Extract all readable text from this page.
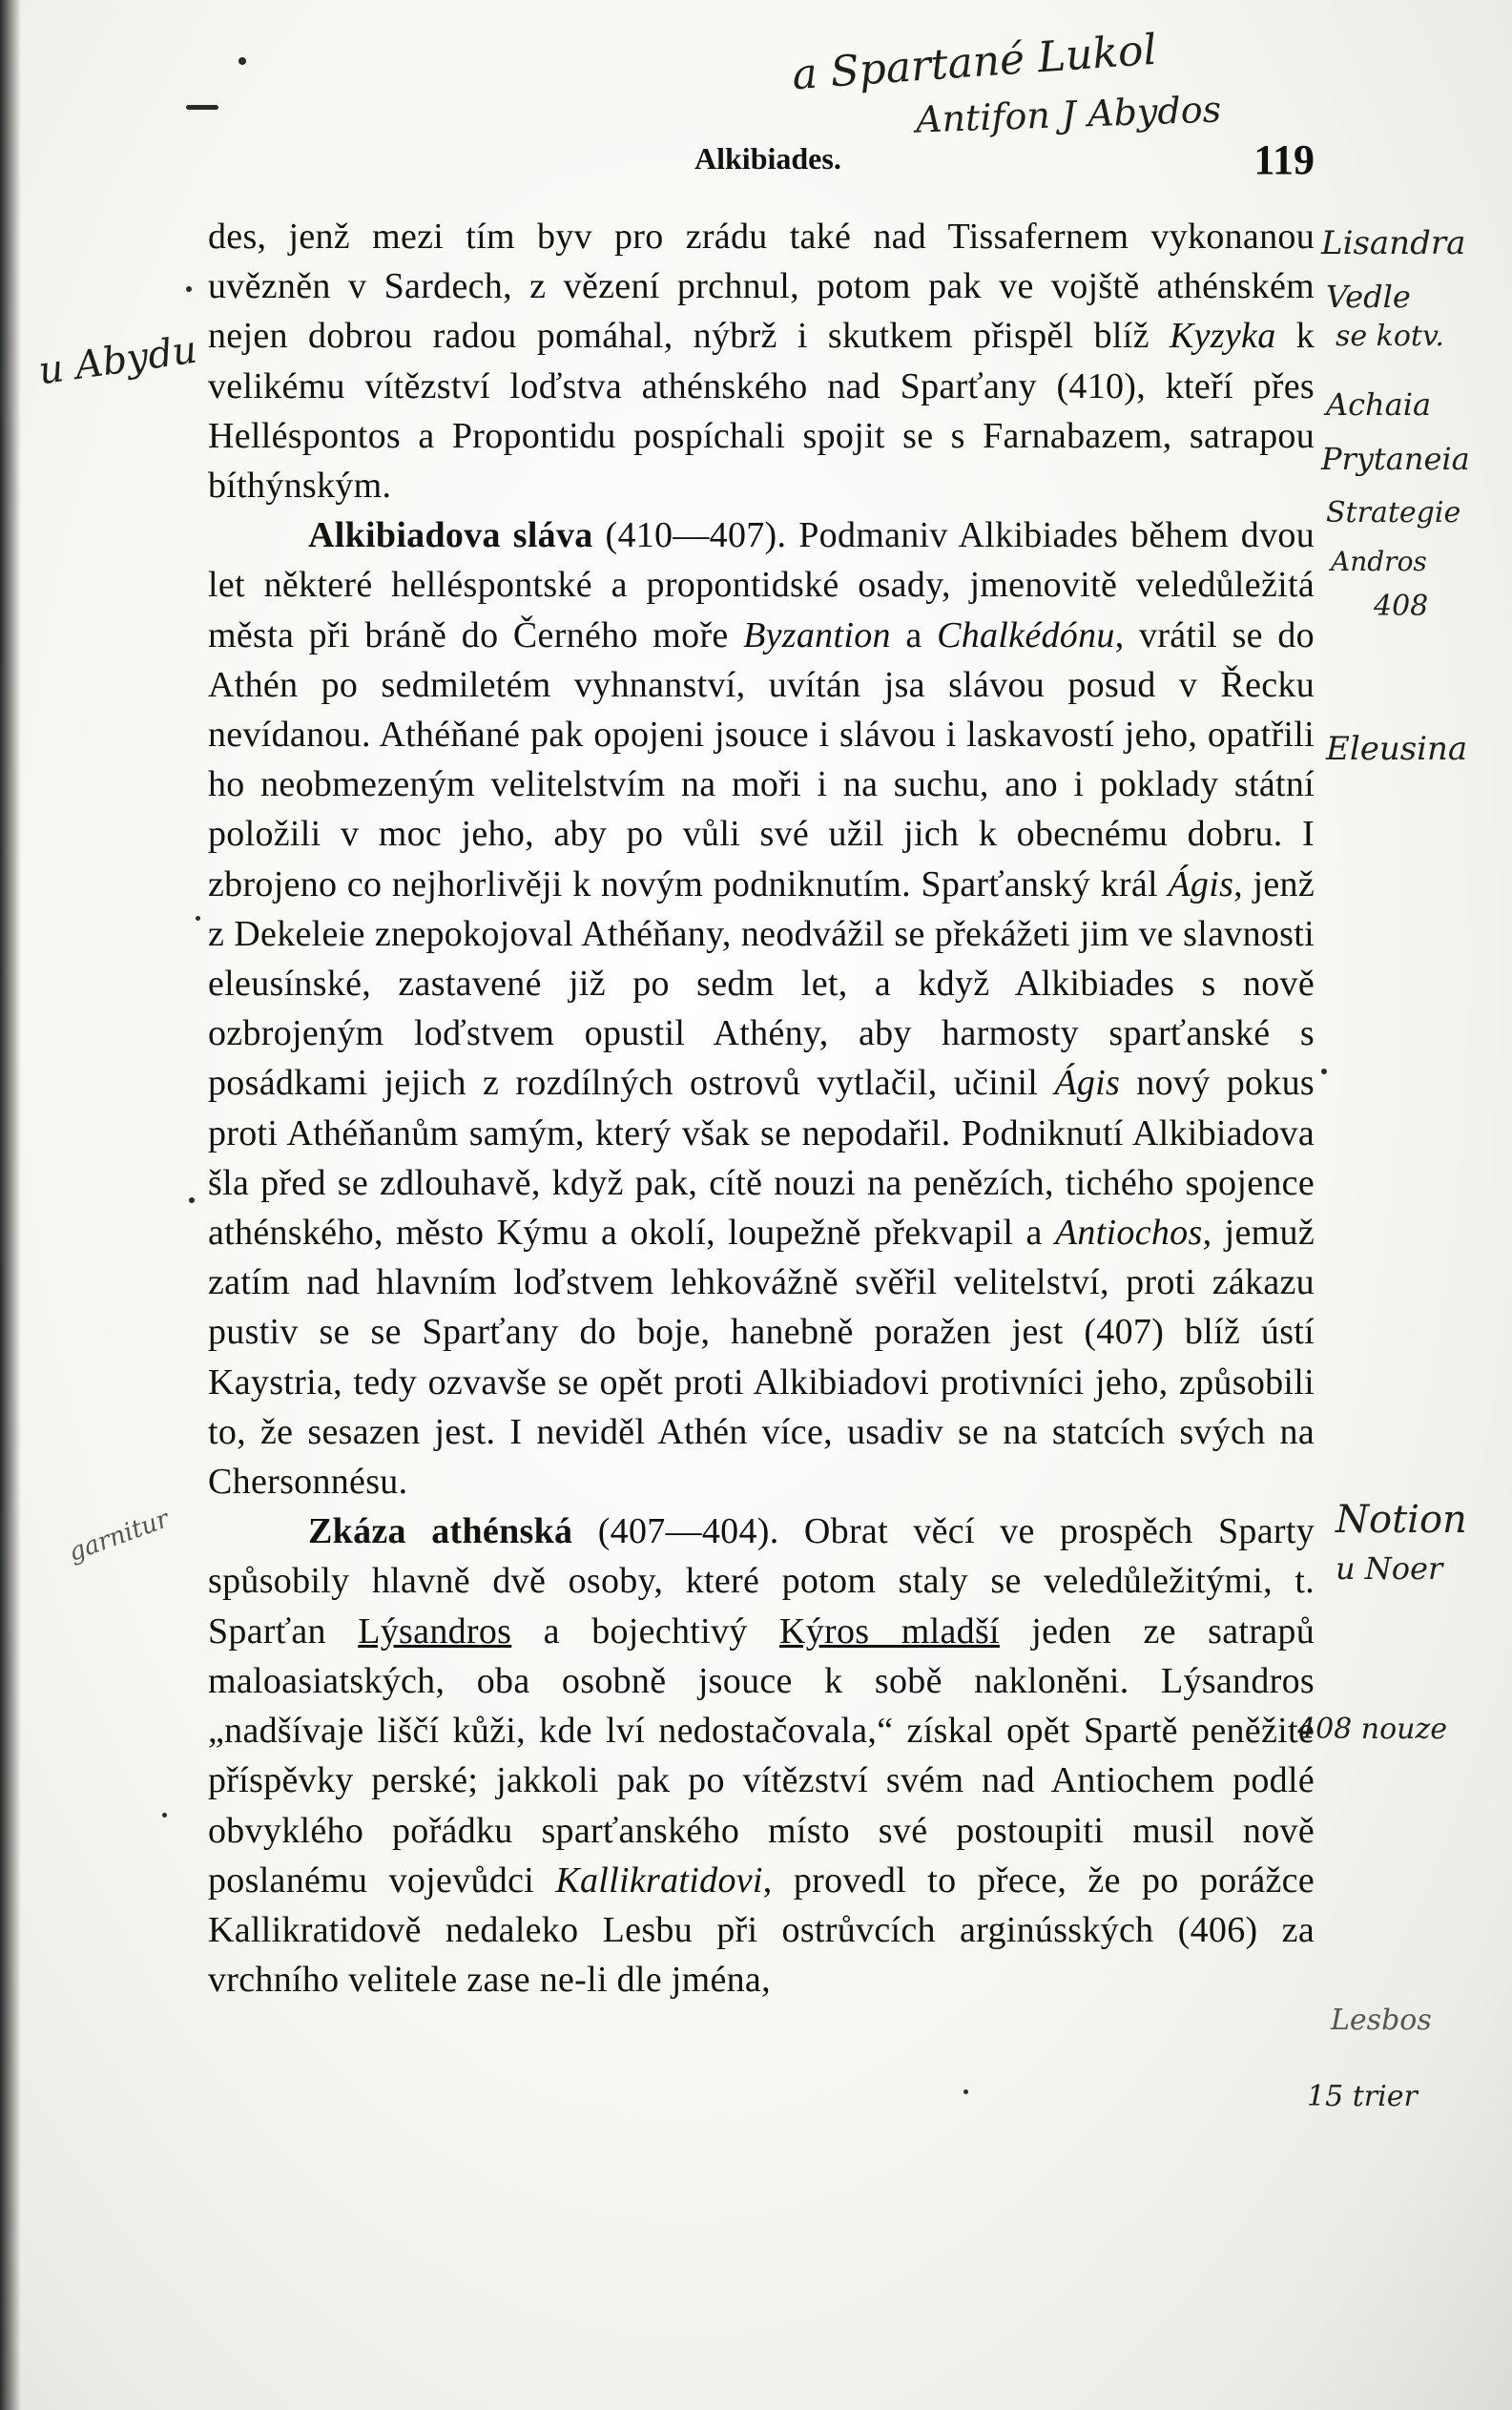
Alkibiades.	119

des, jenž mezi tím byv pro zrádu také nad Tissafernem vykonanou uvězněn v Sardech, z vězení prchnul, potom pak ve vojště athénském nejen dobrou radou pomáhal, nýbrž i skutkem přispěl blíž Kyzyka k velikému vítězství loďstva athénského nad Sparťany (410), kteří přes Helléspontos a Propontidu pospíchali spojit se s Farnabazem, satrapou bíthýnským.

Alkibiadova sláva (410—407). Podmaniv Alkibiades během dvou let některé helléspontské a propontidské osady, jmenovitě veledůležitá města při bráně do Černého moře Byzantion a Chalkédónu, vrátil se do Athén po sedmiletém vyhnanství, uvítán jsa slávou posud v Řecku nevídanou. Athéňané pak opojeni jsouce i slávou i laskavostí jeho, opatřili ho neobmezeným velitelstvím na moři i na suchu, ano i poklady státní položili v moc jeho, aby po vůli své užil jich k obecnému dobru. I zbrojeno co nejhorlivěji k novým podniknutím. Sparťanský král Ágis, jenž z Dekeleie znepokojoval Athéňany, neodvážil se překážeti jim ve slavnosti eleusínské, zastavené již po sedm let, a když Alkibiades s nově ozbrojeným loďstvem opustil Athény, aby harmosty sparťanské s posádkami jejich z rozdílných ostrovů vytlačil, učinil Ágis nový pokus proti Athéňanům samým, který však se nepodařil. Podniknutí Alkibiadova šla před se zdlouhavě, když pak, cítě nouzi na penězích, tichého spojence athénského, město Kýmu a okolí, loupežně překvapil a Antiochos, jemuž zatím nad hlavním loďstvem lehkovážně svěřil velitelství, proti zákazu pustiv se se Sparťany do boje, hanebně poražen jest (407) blíž ústí Kaystria, tedy ozvavše se opět proti Alkibiadovi protivníci jeho, způsobili to, že sesazen jest. I neviděl Athén více, usadiv se na statcích svých na Chersonnésu.

Zkáza athénská (407—404). Obrat věcí ve prospěch Sparty spůsobily hlavně dvě osoby, které potom staly se veledůležitými, t. Sparťan Lýsandros a bojechtivý Kýros mladší jeden ze satrapů maloasiatských, oba osobně jsouce k sobě nakloněni. Lýsandros „nadšívaje liščí kůži, kde lví nedostačovala,“ získal opět Spartě peněžité příspěvky perské; jakkoli pak po vítězství svém nad Antiochem podlé obvyklého pořádku sparťanského místo své postoupiti musil nově poslanému vojevůdci Kallikratidovi, provedl to přece, že po porážce Kallikratidově nedaleko Lesbu při ostrůvcích arginúsských (406) za vrchního velitele zase ne-li dle jména,

a Spartané Lukol
Antifon J Abydos
u Abydu
garnitur
Lisandra
Vedle
se kotv.
Achaia
Prytaneia
Strategie
Andros
408
Eleusina
Notion
u Noer
408 nouze
Lesbos
15 trier
